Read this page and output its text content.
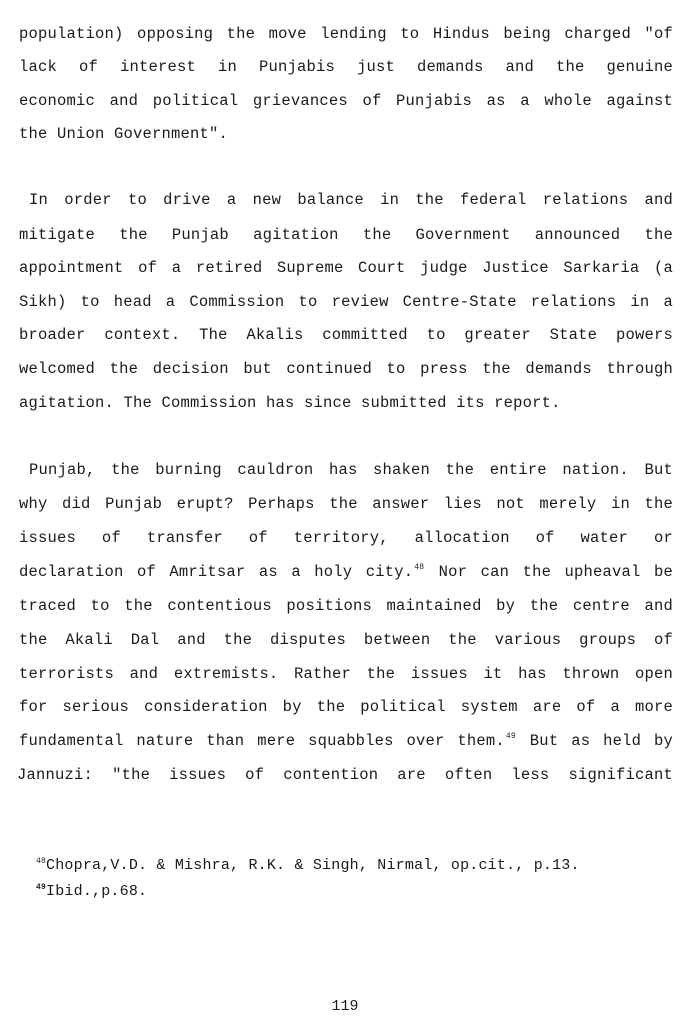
population) opposing the move lending to Hindus being charged "of
lack of interest in Punjabis just demands and the genuine
economic and political grievances of Punjabis as a whole against
the Union Government".
In order to drive a new balance in the federal relations and
mitigate the Punjab agitation the Government announced the
appointment of a retired Supreme Court judge Justice Sarkaria (a
Sikh) to head a Commission to review Centre-State relations in a
broader context. The Akalis committed to greater State powers
welcomed the decision but continued to press the demands through
agitation. The Commission has since submitted its report.
Punjab, the burning cauldron has shaken the entire nation. But
why did Punjab erupt? Perhaps the answer lies not merely in the
issues of transfer of territory, allocation of water or
declaration of Amritsar as a holy city.$^{48}$ Nor can the upheaval be
traced to the contentious positions maintained by the centre and
the Akali Dal and the disputes between the various groups of
terrorists and extremists. Rather the issues it has thrown open
for serious consideration by the political system are of a more
fundamental nature than mere squabbles over them.$^{49}$ But as held by
Jannuzi: "the issues of contention are often less significant
$^{48}$Chopra,V.D. & Mishra, R.K. & Singh, Nirmal, op.cit., p.13.
$^{49}$Ibid.,p.68.
119
